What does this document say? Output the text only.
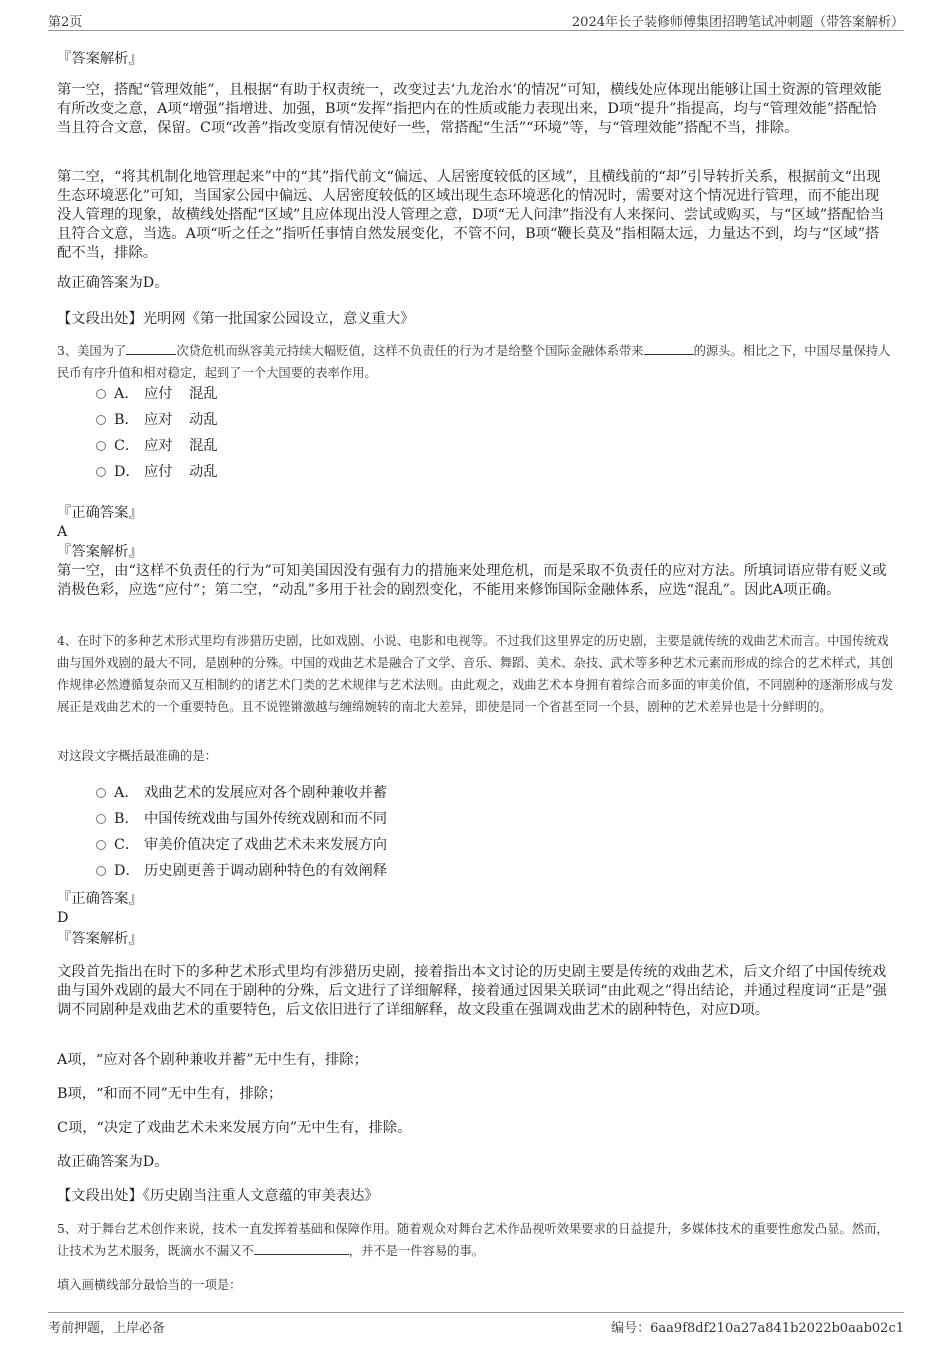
第2页	2024年长子装修师傅集团招聘笔试冲刺题（带答案解析）
『答案解析』
第一空，搭配“管理效能”，且根据“有助于权责统一，改变过去‘九龙治水’的情况”可知，横线处应体现出能够让国土资源的管理效能有所改变之意，A项“增强”指增进、加强，B项“发挥”指把内在的性质或能力表现出来，D项“提升”指提高，均与“管理效能”搭配恰当且符合文意，保留。C项“改善”指改变原有情况使好一些，常搭配“生活”“环境”等，与“管理效能”搭配不当，排除。
第二空，“将其机制化地管理起来”中的“其”指代前文“偏远、人居密度较低的区域”，且横线前的“却”引导转折关系，根据前文“出现生态环境恶化”可知，当国家公园中偏远、人居密度较低的区域出现生态环境恶化的情况时，需要对这个情况进行管理，而不能出现没人管理的现象，故横线处搭配“区域”且应体现出没人管理之意，D项“无人问津”指没有人来探问、尝试或购买，与“区域”搭配恰当且符合文意，当选。A项“听之任之”指听任事情自然发展变化，不管不问，B项“鞭长莫及”指相隔太远，力量达不到，均与“区域”搭配不当，排除。
故正确答案为D。
【文段出处】光明网《第一批国家公园设立，意义重大》
3、美国为了	次贷危机而纵容美元持续大幅贬值，这样不负责任的行为才是给整个国际金融体系带来	的源头。相比之下，中国尽量保持人民币有序升值和相对稳定，起到了一个大国要的表率作用。
A． 应付 混乱
B． 应对 动乱
C． 应对 混乱
D． 应付 动乱
『正确答案』
A
『答案解析』
第一空，由“这样不负责任的行为”可知美国因没有强有力的措施来处理危机，而是采取不负责任的应对方法。所填词语应带有贬义或消极色彩，应选“应付”；第二空，“动乱”多用于社会的剧烈变化，不能用来修饰国际金融体系，应选“混乱”。因此A项正确。
4、在时下的多种艺术形式里均有涉猎历史剧，比如戏剧、小说、电影和电视等。不过我们这里界定的历史剧，主要是就传统的戏曲艺术而言。中国传统戏曲与国外戏剧的最大不同，是剧种的分殊。中国的戏曲艺术是融合了文学、音乐、舞蹈、美术、杂技、武术等多种艺术元素而形成的综合的艺术样式，其创作规律必然遵循复杂而又互相制约的诸艺术门类的艺术规律与艺术法则。由此观之，戏曲艺术本身拥有着综合而多面的审美价值，不同剧种的逐渐形成与发展正是戏曲艺术的一个重要特色。且不说铿锵激越与缠绵婉转的南北大差异，即使是同一个省甚至同一个县，剧种的艺术差异也是十分鲜明的。
对这段文字概括最准确的是：
A． 戏曲艺术的发展应对各个剧种兼收并蓄
B． 中国传统戏曲与国外传统戏剧和而不同
C． 审美价值决定了戏曲艺术未来发展方向
D． 历史剧更善于调动剧种特色的有效阐释
『正确答案』
D
『答案解析』
文段首先指出在时下的多种艺术形式里均有涉猎历史剧，接着指出本文讨论的历史剧主要是传统的戏曲艺术，后文介绍了中国传统戏曲与国外戏剧的最大不同在于剧种的分殊，后文进行了详细解释，接着通过因果关联词“由此观之”得出结论，并通过程度词“正是”强调不同剧种是戏曲艺术的重要特色，后文依旧进行了详细解释，故文段重在强调戏曲艺术的剧种特色，对应D项。
A项，“应对各个剧种兼收并蓄”无中生有，排除；
B项，“和而不同”无中生有，排除；
C项，“决定了戏曲艺术未来发展方向”无中生有，排除。
故正确答案为D。
【文段出处】《历史剧当注重人文意蕴的审美表达》
5、对于舞台艺术创作来说，技术一直发挥着基础和保障作用。随着观众对舞台艺术作品视听效果要求的日益提升，多媒体技术的重要性愈发凸显。然而，让技术为艺术服务，既滴水不漏又不	，并不是一件容易的事。
填入画横线部分最恰当的一项是：
考前押题，上岸必备	编号：6aa9f8df210a27a841b2022b0aab02c1
